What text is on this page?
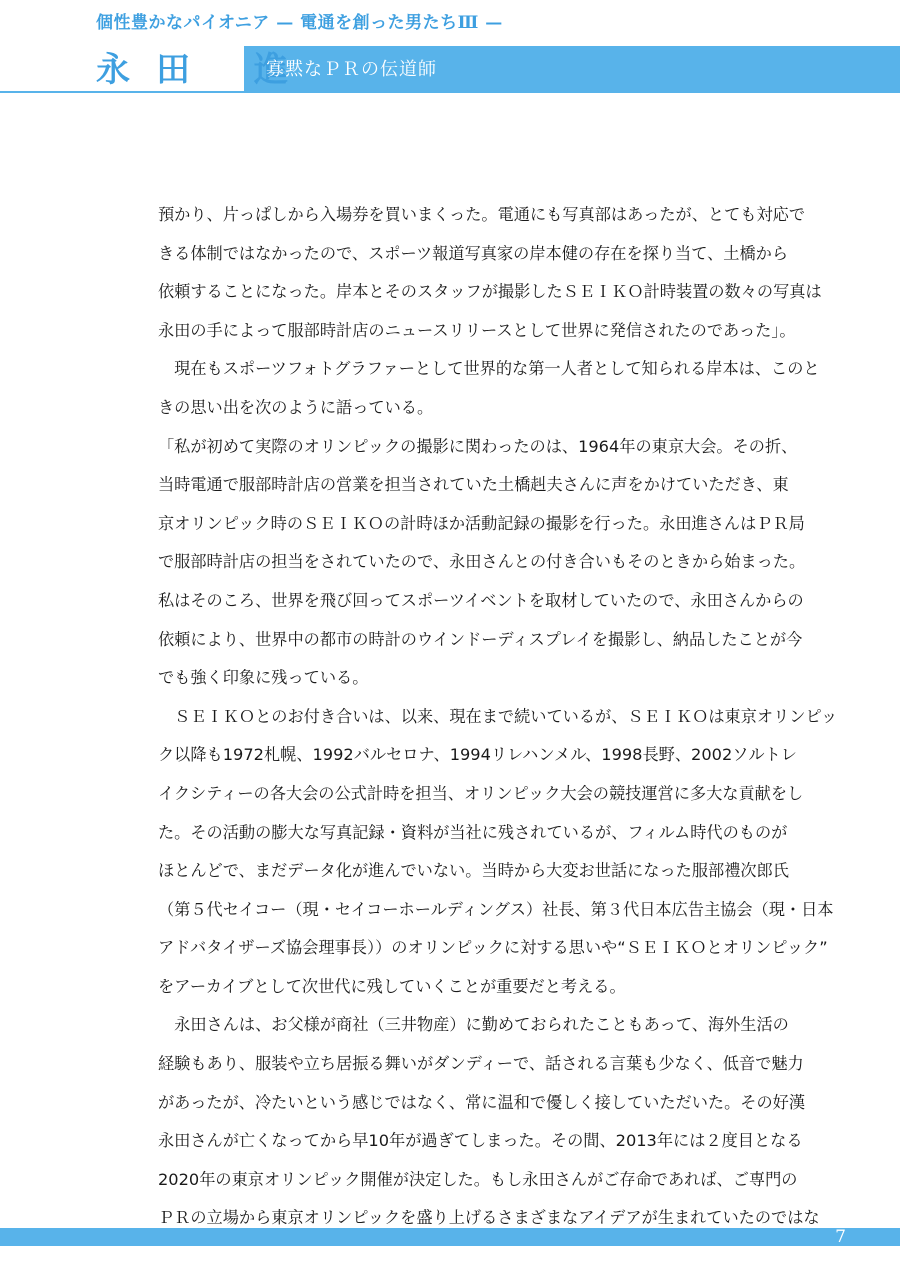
個性豊かなパイオニア — 電通を創った男たちⅢ —
永田 進
寡黙なＰＲの伝道師
預かり、片っぱしから入場券を買いまくった。電通にも写真部はあったが、とても対応で
きる体制ではなかったので、スポーツ報道写真家の岸本健の存在を探り当て、土橋から
依頼することになった。岸本とそのスタッフが撮影したＳＥＩＫＯ計時装置の数々の写真は
永田の手によって服部時計店のニュースリリースとして世界に発信されたのであった」。
　現在もスポーツフォトグラファーとして世界的な第一人者として知られる岸本は、このと
きの思い出を次のように語っている。
「私が初めて実際のオリンピックの撮影に関わったのは、1964年の東京大会。その折、
当時電通で服部時計店の営業を担当されていた土橋赳夫さんに声をかけていただき、東
京オリンピック時のＳＥＩＫＯの計時ほか活動記録の撮影を行った。永田進さんはＰＲ局
で服部時計店の担当をされていたので、永田さんとの付き合いもそのときから始まった。
私はそのころ、世界を飛び回ってスポーツイベントを取材していたので、永田さんからの
依頼により、世界中の都市の時計のウインドーディスプレイを撮影し、納品したことが今
でも強く印象に残っている。
　ＳＥＩＫＯとのお付き合いは、以来、現在まで続いているが、ＳＥＩＫＯは東京オリンピッ
ク以降も1972札幌、1992バルセロナ、1994リレハンメル、1998長野、2002ソルトレ
イクシティーの各大会の公式計時を担当、オリンピック大会の競技運営に多大な貢献をし
た。その活動の膨大な写真記録・資料が当社に残されているが、フィルム時代のものが
ほとんどで、まだデータ化が進んでいない。当時から大変お世話になった服部禮次郎氏
（第５代セイコー（現・セイコーホールディングス）社長、第３代日本広告主協会（現・日本
アドバタイザーズ協会理事長））のオリンピックに対する思いや“ＳＥＩＫＯとオリンピック”
をアーカイブとして次世代に残していくことが重要だと考える。
　永田さんは、お父様が商社（三井物産）に勤めておられたこともあって、海外生活の
経験もあり、服装や立ち居振る舞いがダンディーで、話される言葉も少なく、低音で魅力
があったが、冷たいという感じではなく、常に温和で優しく接していただいた。その好漢
永田さんが亡くなってから早10年が過ぎてしまった。その間、2013年には２度目となる
2020年の東京オリンピック開催が決定した。もし永田さんがご存命であれば、ご専門の
ＰＲの立場から東京オリンピックを盛り上げるさまざまなアイデアが生まれていたのではな
7
